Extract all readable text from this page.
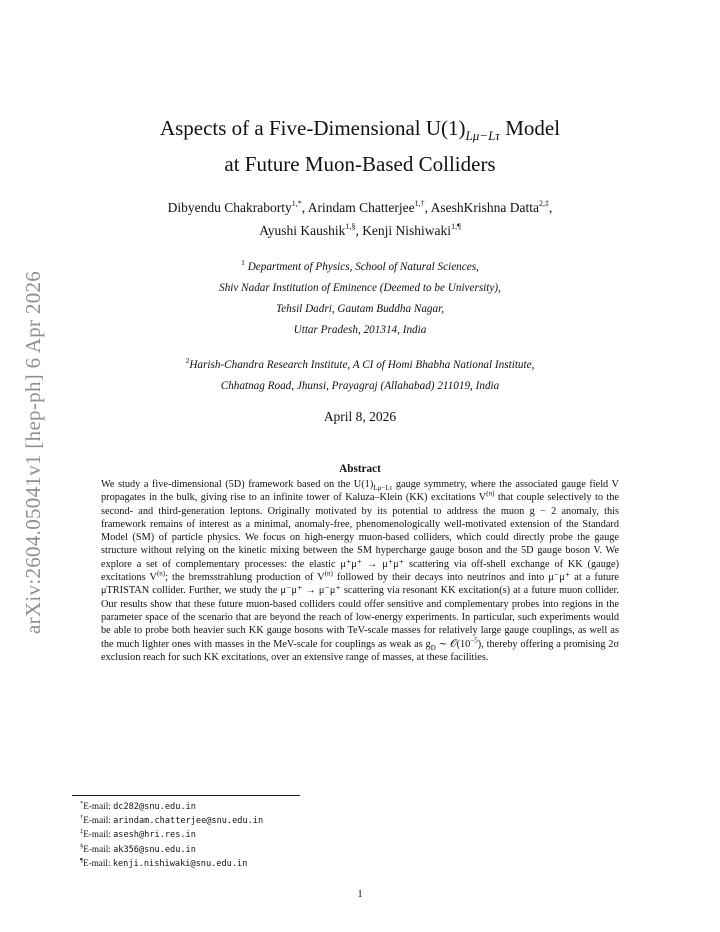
arXiv:2604.05041v1 [hep-ph] 6 Apr 2026
Aspects of a Five-Dimensional $U(1)_{L\mu-L\tau}$ Model
at Future Muon-Based Colliders
Dibyendu Chakraborty$^{1,*}$, Arindam Chatterjee$^{1,\dagger}$, AseshKrishna Datta$^{2,\ddagger}$,
Ayushi Kaushik$^{1,\S}$, Kenji Nishiwaki$^{1,\P}$
$^1$ Department of Physics, School of Natural Sciences,
Shiv Nadar Institution of Eminence (Deemed to be University),
Tehsil Dadri, Gautam Buddha Nagar,
Uttar Pradesh, 201314, India
$^2$Harish-Chandra Research Institute, A CI of Homi Bhabha National Institute,
Chhatnag Road, Jhunsi, Prayagraj (Allahabad) 211019, India
April 8, 2026
Abstract
We study a five-dimensional (5D) framework based on the $U(1)_{L\mu-L\tau}$ gauge symmetry, where the associated gauge field V propagates in the bulk, giving rise to an infinite tower of Kaluza–Klein (KK) excitations $V^{(n)}$ that couple selectively to the second- and third-generation leptons. Originally motivated by its potential to address the muon g − 2 anomaly, this framework remains of interest as a minimal, anomaly-free, phenomenologically well-motivated extension of the Standard Model (SM) of particle physics. We focus on high-energy muon-based colliders, which could directly probe the gauge structure without relying on the kinetic mixing between the SM hypercharge gauge boson and the 5D gauge boson V. We explore a set of complementary processes: the elastic μ⁺μ⁺ → μ⁺μ⁺ scattering via off-shell exchange of KK (gauge) excitations $V^{(n)}$; the bremsstrahlung production of $V^{(n)}$ followed by their decays into neutrinos and into μ⁻μ⁺ at a future μTRISTAN collider. Further, we study the μ⁻μ⁺ → μ⁻μ⁺ scattering via resonant KK excitation(s) at a future muon collider. Our results show that these future muon-based colliders could offer sensitive and complementary probes into regions in the parameter space of the scenario that are beyond the reach of low-energy experiments. In particular, such experiments would be able to probe both heavier such KK gauge bosons with TeV-scale masses for relatively large gauge couplings, as well as the much lighter ones with masses in the MeV-scale for couplings as weak as $g_D$ ∼ $𝒪(10^{-5})$, thereby offering a promising 2σ exclusion reach for such KK excitations, over an extensive range of masses, at these facilities.
*E-mail: dc282@snu.edu.in
†E-mail: arindam.chatterjee@snu.edu.in
‡E-mail: asesh@hri.res.in
§E-mail: ak356@snu.edu.in
¶E-mail: kenji.nishiwaki@snu.edu.in
1
